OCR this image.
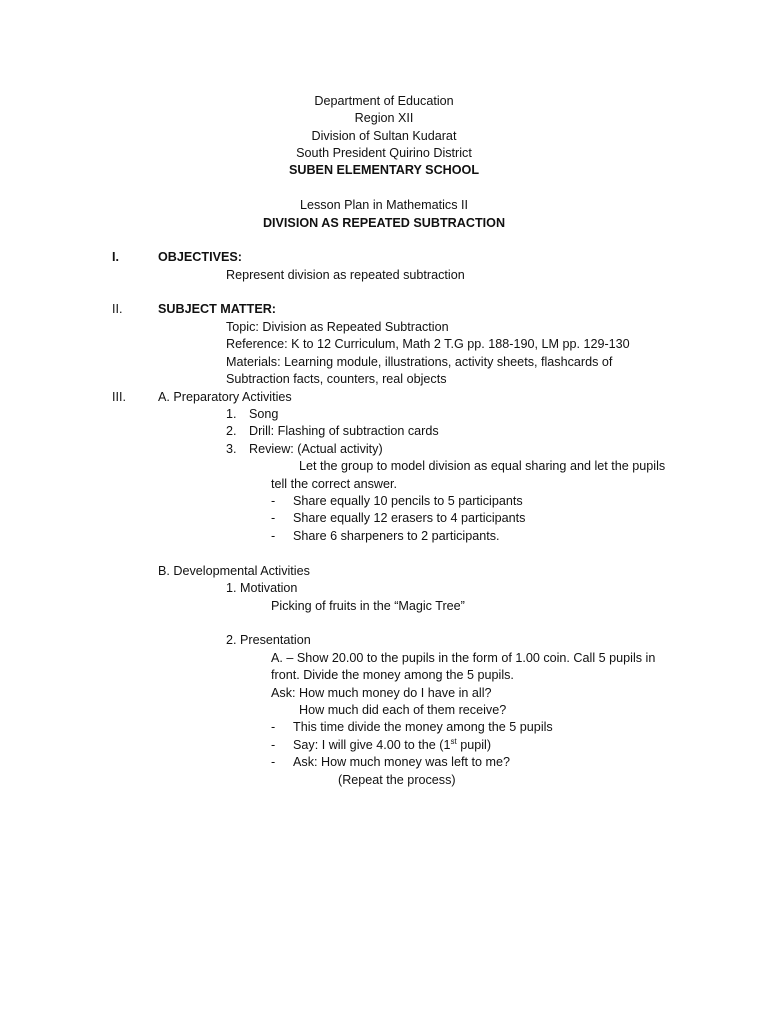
Department of Education
Region XII
Division of Sultan Kudarat
South President Quirino District
SUBEN ELEMENTARY SCHOOL
Lesson Plan in Mathematics II
DIVISION AS REPEATED SUBTRACTION
I.	OBJECTIVES:
Represent division as repeated subtraction
II.	SUBJECT MATTER:
Topic: Division as Repeated Subtraction
Reference: K to 12 Curriculum, Math 2 T.G pp. 188-190, LM pp. 129-130
Materials: Learning module, illustrations, activity sheets, flashcards of
Subtraction facts, counters, real objects
III.	A. Preparatory Activities
1. Song
2. Drill: Flashing of subtraction cards
3. Review: (Actual activity)
Let the group to model division as equal sharing and let the pupils
tell the correct answer.
- Share equally 10 pencils to 5 participants
- Share equally 12 erasers to 4 participants
- Share 6 sharpeners to 2 participants.
B. Developmental Activities
1. Motivation
Picking of fruits in the “Magic Tree”
2. Presentation
A. – Show 20.00 to the pupils in the form of 1.00 coin. Call 5 pupils in
front. Divide the money among the 5 pupils.
Ask: How much money do I have in all?
How much did each of them receive?
- This time divide the money among the 5 pupils
- Say: I will give 4.00 to the (1st pupil)
- Ask: How much money was left to me?
(Repeat the process)
